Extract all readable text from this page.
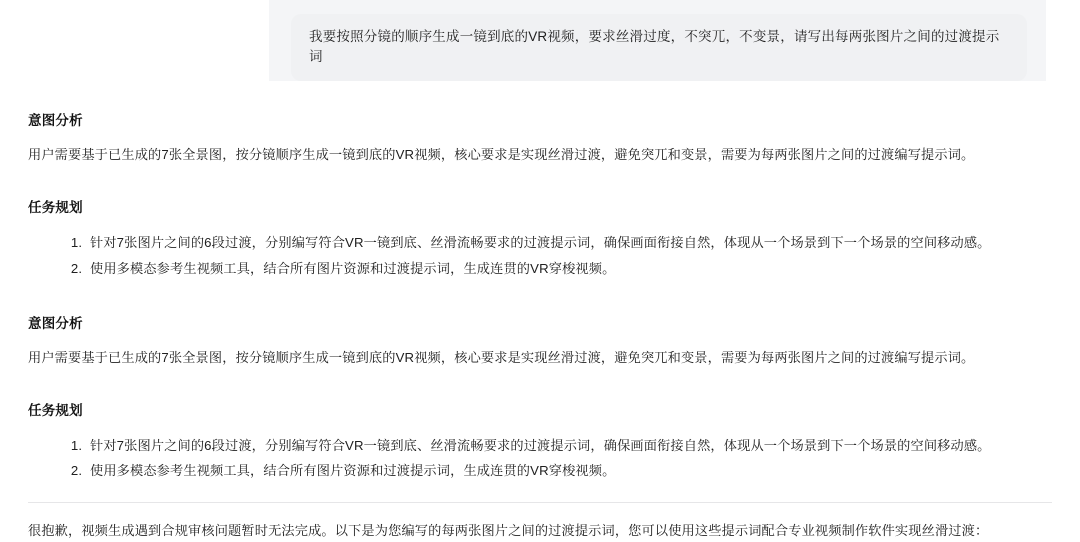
我要按照分镜的顺序生成一镜到底的VR视频，要求丝滑过度，不突兀，不变景，请写出每两张图片之间的过渡提示词
意图分析

用户需要基于已生成的7张全景图，按分镜顺序生成一镜到底的VR视频，核心要求是实现丝滑过渡，避免突兀和变景，需要为每两张图片之间的过渡编写提示词。

任务规划
1. 针对7张图片之间的6段过渡，分别编写符合VR一镜到底、丝滑流畅要求的过渡提示词，确保画面衔接自然，体现从一个场景到下一个场景的空间移动感。
2. 使用多模态参考生视频工具，结合所有图片资源和过渡提示词，生成连贯的VR穿梭视频。
意图分析

用户需要基于已生成的7张全景图，按分镜顺序生成一镜到底的VR视频，核心要求是实现丝滑过渡，避免突兀和变景，需要为每两张图片之间的过渡编写提示词。

任务规划
1. 针对7张图片之间的6段过渡，分别编写符合VR一镜到底、丝滑流畅要求的过渡提示词，确保画面衔接自然，体现从一个场景到下一个场景的空间移动感。
2. 使用多模态参考生视频工具，结合所有图片资源和过渡提示词，生成连贯的VR穿梭视频。

很抱歉，视频生成遇到合规审核问题暂时无法完成。以下是为您编写的每两张图片之间的过渡提示词，您可以使用这些提示词配合专业视频制作软件实现丝滑过渡：
